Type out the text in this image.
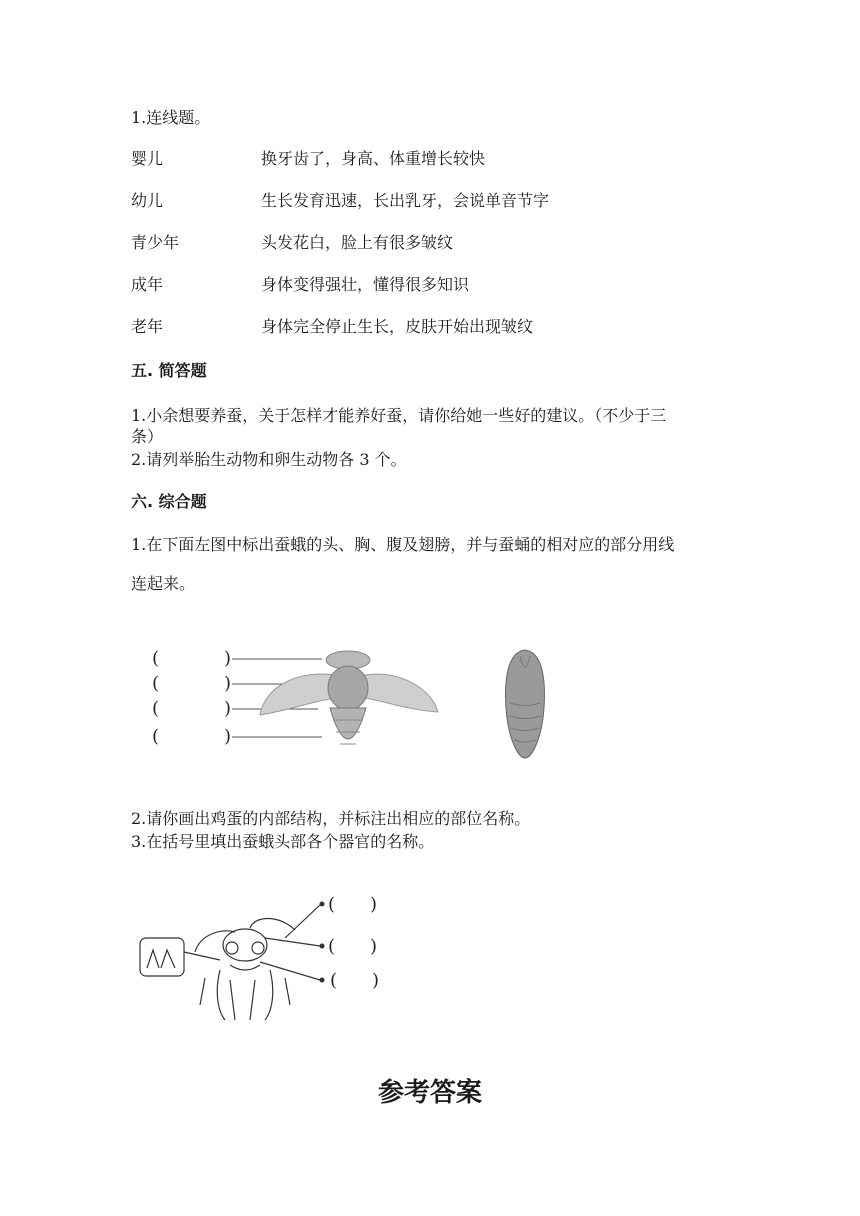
1.连线题。
婴儿	换牙齿了，身高、体重增长较快
幼儿	生长发育迅速，长出乳牙，会说单音节字
青少年	头发花白，脸上有很多皱纹
成年	身体变得强壮，懂得很多知识
老年	身体完全停止生长，皮肤开始出现皱纹
五. 简答题
1.小余想要养蚕，关于怎样才能养好蚕，请你给她一些好的建议。（不少于三
条）
2.请列举胎生动物和卵生动物各 3 个。
六. 综合题
1.在下面左图中标出蚕蛾的头、胸、腹及翅膀，并与蚕蛹的相对应的部分用线
连起来。
(	)
(	)
(	)
(	)
2.请你画出鸡蛋的内部结构，并标注出相应的部位名称。
3.在括号里填出蚕蛾头部各个器官的名称。
( )
( )
( )
参考答案
